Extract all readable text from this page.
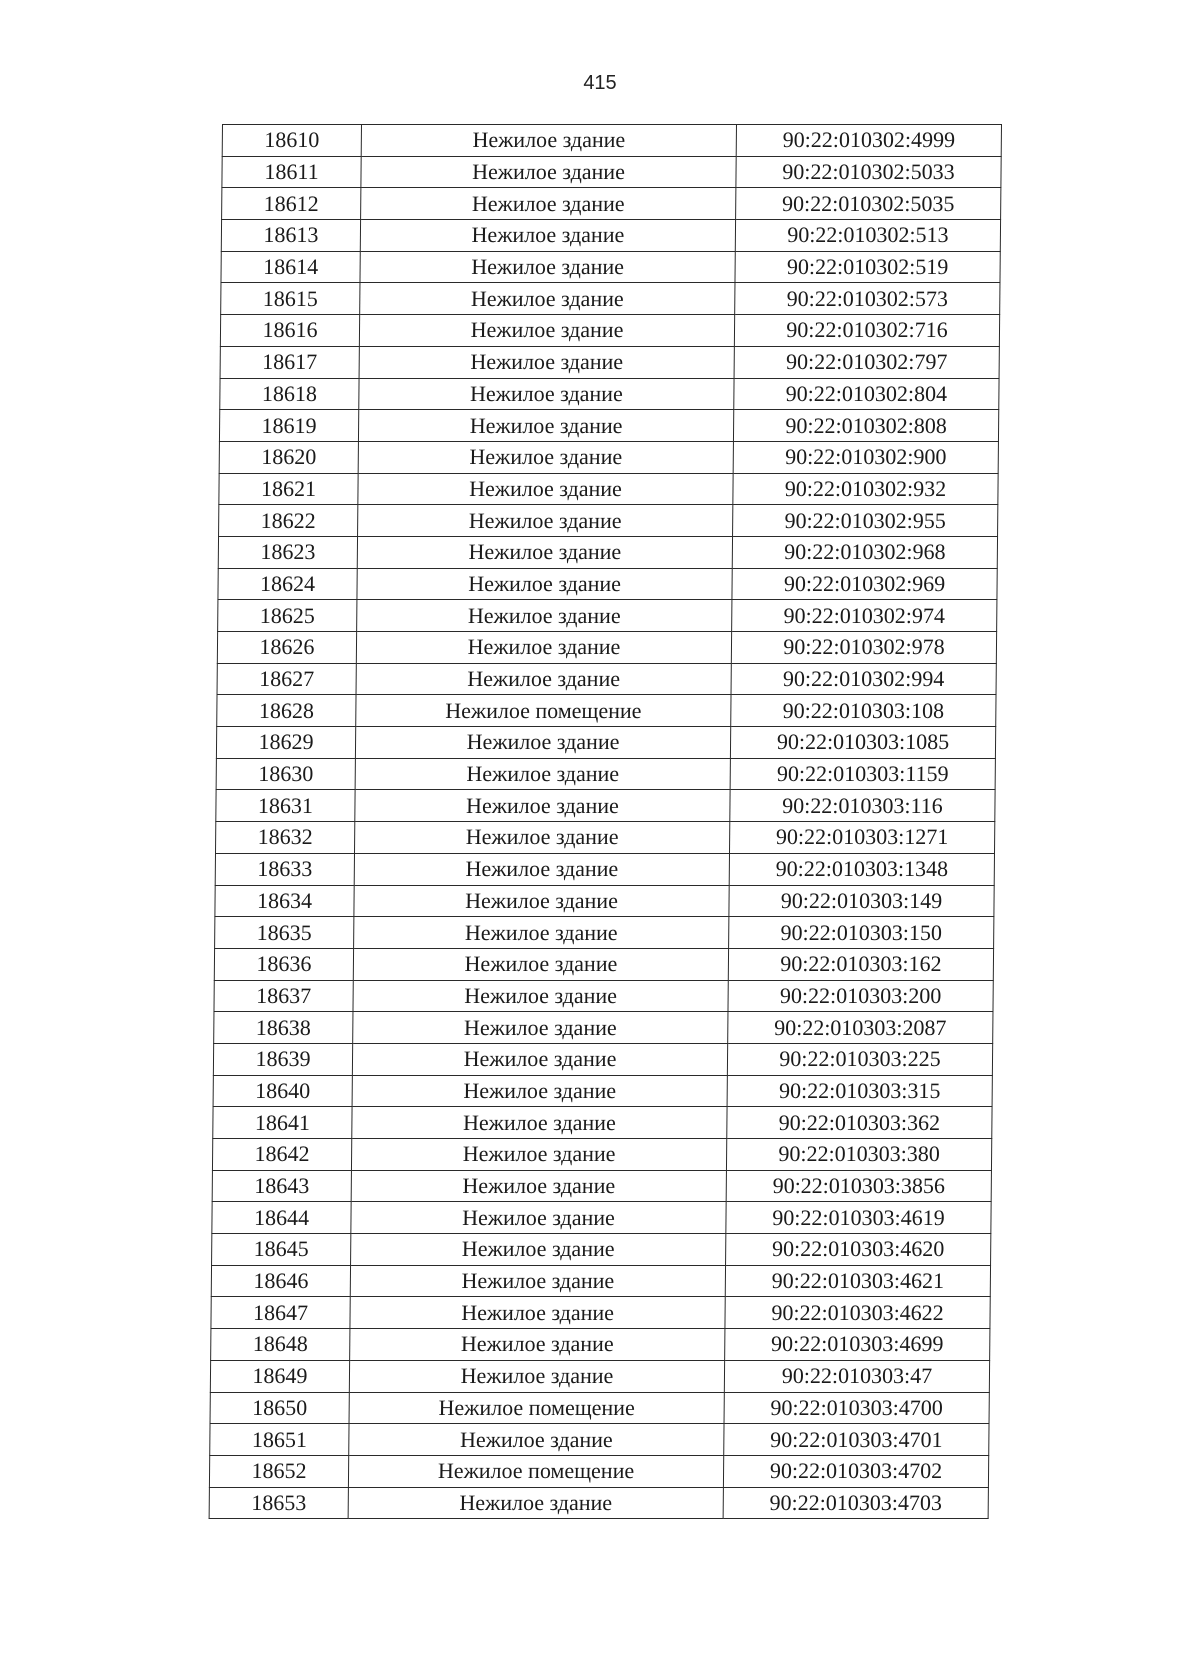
415
18610	Нежилое здание	90:22:010302:4999
18611	Нежилое здание	90:22:010302:5033
18612	Нежилое здание	90:22:010302:5035
18613	Нежилое здание	90:22:010302:513
18614	Нежилое здание	90:22:010302:519
18615	Нежилое здание	90:22:010302:573
18616	Нежилое здание	90:22:010302:716
18617	Нежилое здание	90:22:010302:797
18618	Нежилое здание	90:22:010302:804
18619	Нежилое здание	90:22:010302:808
18620	Нежилое здание	90:22:010302:900
18621	Нежилое здание	90:22:010302:932
18622	Нежилое здание	90:22:010302:955
18623	Нежилое здание	90:22:010302:968
18624	Нежилое здание	90:22:010302:969
18625	Нежилое здание	90:22:010302:974
18626	Нежилое здание	90:22:010302:978
18627	Нежилое здание	90:22:010302:994
18628	Нежилое помещение	90:22:010303:108
18629	Нежилое здание	90:22:010303:1085
18630	Нежилое здание	90:22:010303:1159
18631	Нежилое здание	90:22:010303:116
18632	Нежилое здание	90:22:010303:1271
18633	Нежилое здание	90:22:010303:1348
18634	Нежилое здание	90:22:010303:149
18635	Нежилое здание	90:22:010303:150
18636	Нежилое здание	90:22:010303:162
18637	Нежилое здание	90:22:010303:200
18638	Нежилое здание	90:22:010303:2087
18639	Нежилое здание	90:22:010303:225
18640	Нежилое здание	90:22:010303:315
18641	Нежилое здание	90:22:010303:362
18642	Нежилое здание	90:22:010303:380
18643	Нежилое здание	90:22:010303:3856
18644	Нежилое здание	90:22:010303:4619
18645	Нежилое здание	90:22:010303:4620
18646	Нежилое здание	90:22:010303:4621
18647	Нежилое здание	90:22:010303:4622
18648	Нежилое здание	90:22:010303:4699
18649	Нежилое здание	90:22:010303:47
18650	Нежилое помещение	90:22:010303:4700
18651	Нежилое здание	90:22:010303:4701
18652	Нежилое помещение	90:22:010303:4702
18653	Нежилое здание	90:22:010303:4703
